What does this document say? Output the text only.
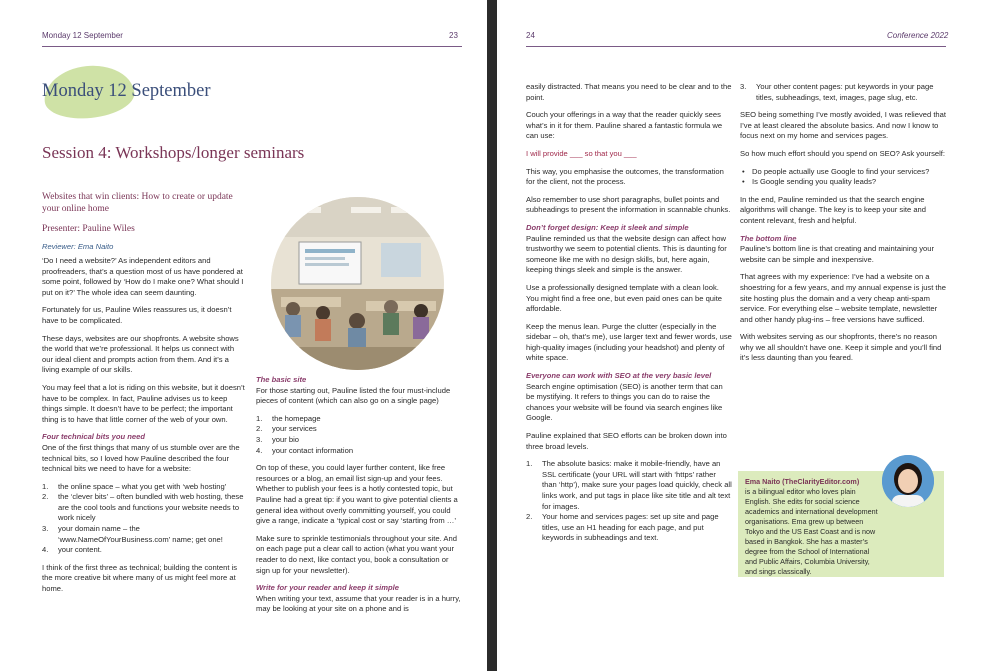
Monday 12 September	23
Monday 12 September
Session 4: Workshops/longer seminars
Websites that win clients: How to create or update your online home
Presenter: Pauline Wiles
Reviewer: Ema Naito

‘Do I need a website?’ As independent editors and proofreaders, that’s a question most of us have pondered at some point, followed by ‘How do I make one? What should I put on it?’ The whole idea can seem daunting.

Fortunately for us, Pauline Wiles reassures us, it doesn’t have to be complicated.

These days, websites are our shopfronts. A website shows the world that we’re professional. It helps us connect with our ideal client and prompts action from them. And it’s a living example of our skills.

You may feel that a lot is riding on this website, but it doesn’t have to be complex. In fact, Pauline advises us to keep things simple. It doesn’t have to be perfect; the important thing is to have that little corner of the web of your own.

Four technical bits you need

One of the first things that many of us stumble over are the technical bits, so I loved how Pauline described the four technical bits we need to have for a website:

1. the online space – what you get with ‘web hosting’
2. the ‘clever bits’ – often bundled with web hosting, these are the cool tools and functions your website needs to work nicely
3. your domain name – the ‘www.NameOfYourBusiness.com’ name; get one!
4. your content.

I think of the first three as technical; building the content is the more creative bit where many of us might feel more at home.

The basic site

For those starting out, Pauline listed the four must-include pieces of content (which can also go on a single page)

1. the homepage
2. your services
3. your bio
4. your contact information

On top of these, you could layer further content, like free resources or a blog, an email list sign-up and your fees. Whether to publish your fees is a hotly contested topic, but Pauline had a great tip: if you want to give potential clients a general idea without overly committing yourself, you could give a range, indicate a ‘typical cost or say ‘starting from …’

Make sure to sprinkle testimonials throughout your site. And on each page put a clear call to action (what you want your reader to do next, like contact you, book a consultation or sign up for your newsletter).

Write for your reader and keep it simple

When writing your text, assume that your reader is in a hurry, may be looking at your site on a phone and is

24	Conference 2022

easily distracted. That means you need to be clear and to the point.

Couch your offerings in a way that the reader quickly sees what’s in it for them. Pauline shared a fantastic formula we can use:

I will provide ___ so that you ___

This way, you emphasise the outcomes, the transformation for the client, not the process.

Also remember to use short paragraphs, bullet points and subheadings to present the information in scannable chunks.

Don’t forget design: Keep it sleek and simple

Pauline reminded us that the website design can affect how trustworthy we seem to potential clients. This is daunting for someone like me with no design skills, but, here again, keeping things sleek and simple is the answer.

Use a professionally designed template with a clean look. You might find a free one, but even paid ones can be quite affordable.

Keep the menus lean. Purge the clutter (especially in the sidebar – oh, that’s me), use larger text and fewer words, use high-quality images (including your headshot) and plenty of white space.

Everyone can work with SEO at the very basic level

Search engine optimisation (SEO) is another term that can be mystifying. It refers to things you can do to raise the chances your website will be found via search engines like Google.

Pauline explained that SEO efforts can be broken down into three broad levels.

1. The absolute basics: make it mobile-friendly, have an SSL certificate (your URL will start with ‘https’ rather than ‘http’), make sure your pages load quickly, check all links work, and put tags in place like site title and alt text for images.
2. Your home and services pages: set up site and page titles, use an H1 heading for each page, and put keywords in subheadings and text.
3. Your other content pages: put keywords in your page titles, subheadings, text, images, page slug, etc.

SEO being something I’ve mostly avoided, I was relieved that I’ve at least cleared the absolute basics. And now I know to focus next on my home and services pages.

So how much effort should you spend on SEO? Ask yourself:

• Do people actually use Google to find your services?
• Is Google sending you quality leads?

In the end, Pauline reminded us that the search engine algorithms will change. The key is to keep your site and content relevant, fresh and helpful.

The bottom line

Pauline’s bottom line is that creating and maintaining your website can be simple and inexpensive.

That agrees with my experience: I’ve had a website on a shoestring for a few years, and my annual expense is just the site hosting plus the domain and a very cheap anti-spam service. For everything else – website template, newsletter and other handy plug-ins – free versions have sufficed.

With websites serving as our shopfronts, there’s no reason why we all shouldn’t have one. Keep it simple and you’ll find it’s less daunting than you feared.

Ema Naito (TheClarityEditor.com)
is a bilingual editor who loves plain English. She edits for social science academics and international development organisations. Ema grew up between Tokyo and the US East Coast and is now based in Bangkok. She has a master’s degree from the School of International and Public Affairs, Columbia University, and sings classically.
